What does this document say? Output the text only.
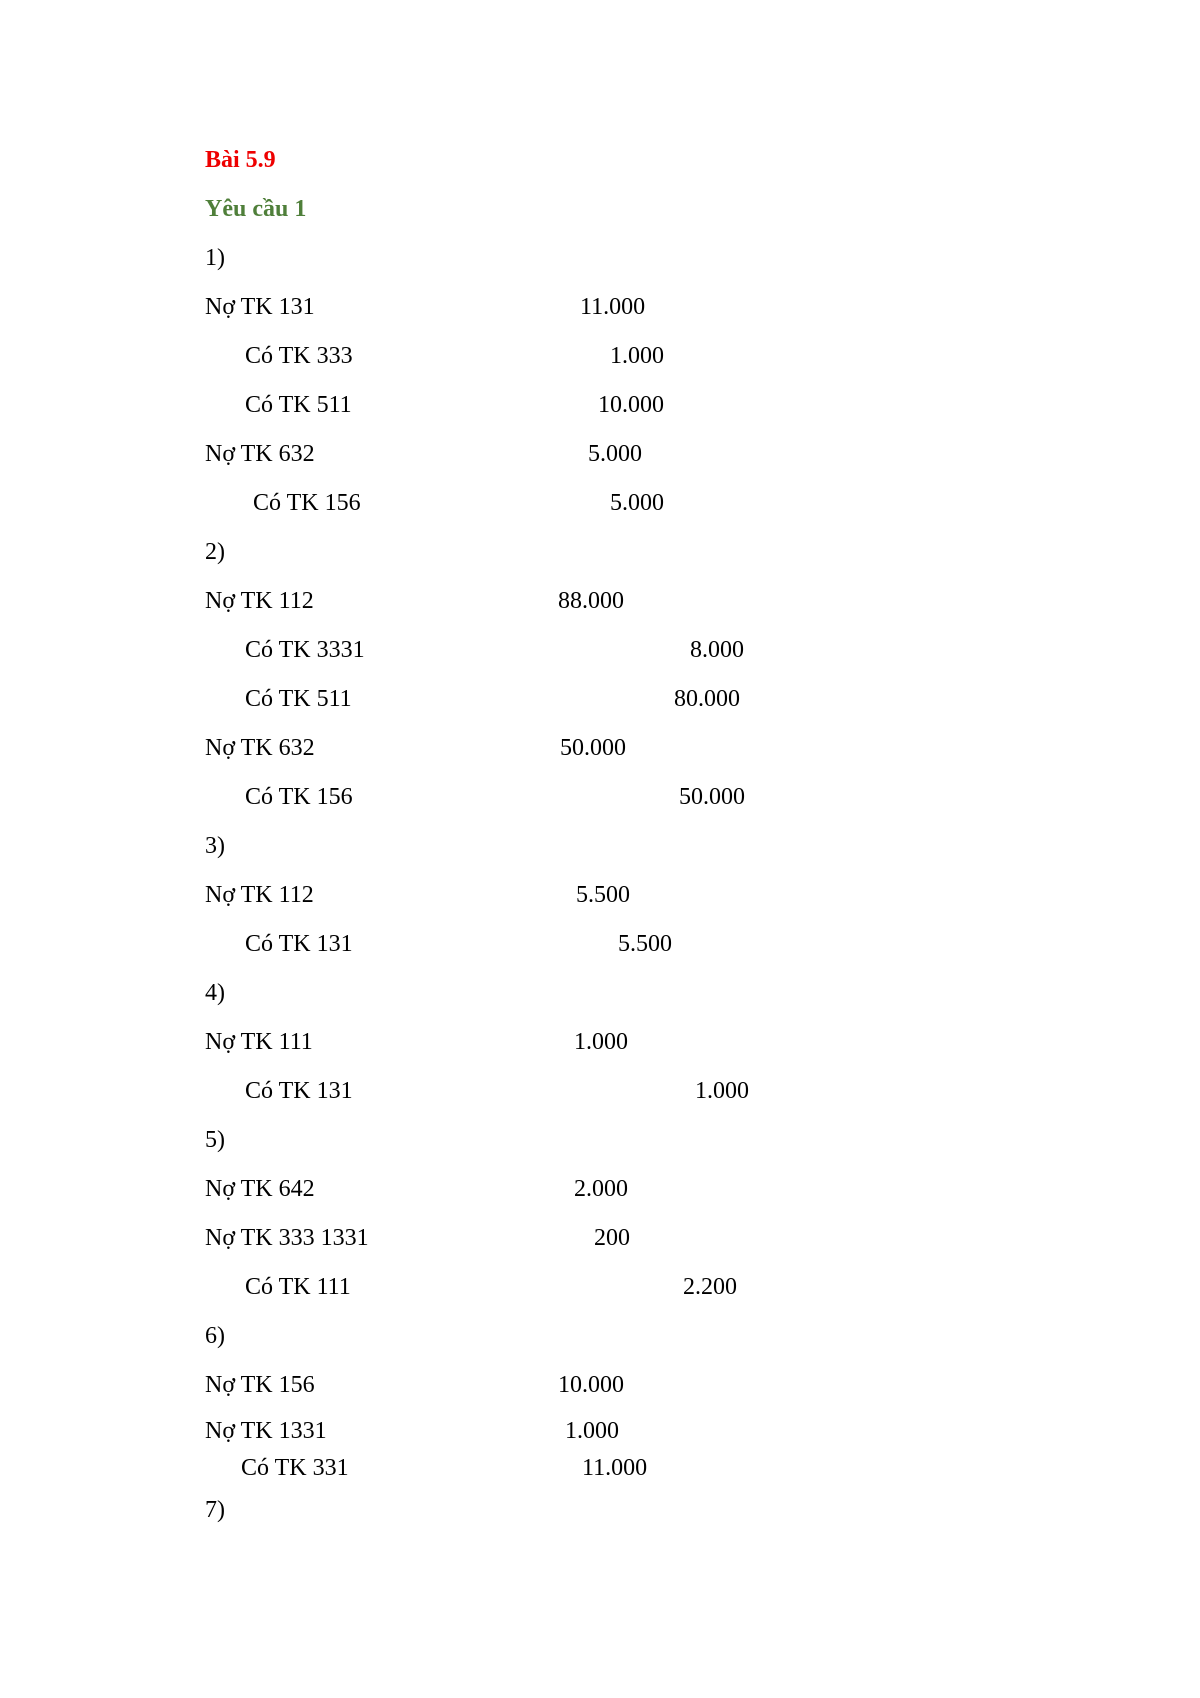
Bài 5.9
Yêu cầu 1
1)
Nợ TK 131	11.000
Có TK 333	1.000
Có TK 511	10.000
Nợ TK 632	5.000
Có TK 156	5.000
2)
Nợ TK 112	88.000
Có TK 3331	8.000
Có TK 511	80.000
Nợ TK 632	50.000
Có TK 156	50.000
3)
Nợ TK 112	5.500
Có TK 131	5.500
4)
Nợ TK 111	1.000
Có TK 131	1.000
5)
Nợ TK 642	2.000
Nợ TK 333 1331	200
Có TK 111	2.200
6)
Nợ TK 156	10.000
Nợ TK 1331	1.000
Có TK 331	11.000
7)
